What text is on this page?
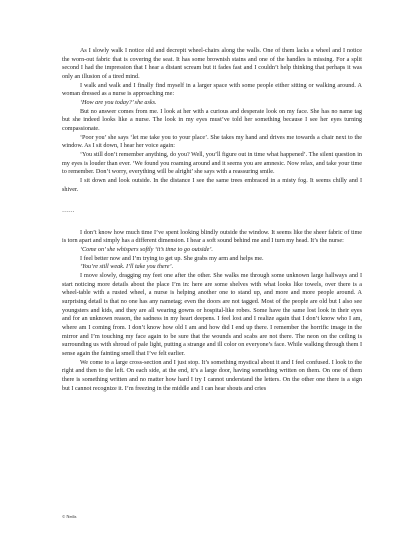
As I slowly walk I notice old and decrepit wheel-chairs along the walls. One of them lacks a wheel and I notice the worn-out fabric that is covering the seat. It has some brownish stains and one of the handles is missing. For a split second I had the impression that I hear a distant scream but it fades fast and I couldn’t help thinking that perhaps it was only an illusion of a tired mind.

I walk and walk and I finally find myself in a larger space with some people either sitting or walking around. A woman dressed as a nurse is approaching me:

‘How are you today?’ she asks.

But no answer comes from me. I look at her with a curious and desperate look on my face. She has no name tag but she indeed looks like a nurse. The look in my eyes must’ve told her something because I see her eyes turning compassionate.

‘Poor you’ she says ‘let me take you to your place’. She takes my hand and drives me towards a chair next to the window. As I sit down, I hear her voice again:

‘You still don’t remember anything, do you? Well, you’ll figure out in time what happened’. The silent question in my eyes is louder than ever. ‘We found you roaming around and it seems you are amnesic. Now relax, and take your time to remember. Don’t worry, everything will be alright’ she says with a reassuring smile.

I sit down and look outside. In the distance I see the same trees embraced in a misty fog. It seems chilly and I shiver.

……

I don’t know how much time I’ve spent looking blindly outside the window. It seems like the sheer fabric of time is torn apart and simply has a different dimension. I hear a soft sound behind me and I turn my head. It’s the nurse:

‘Come on’ she whispers softly ‘it’s time to go outside’.

I feel better now and I’m trying to get up. She grabs my arm and helps me.

‘You’re still weak. I’ll take you there’.

I move slowly, dragging my feet one after the other. She walks me through some unknown large hallways and I start noticing more details about the place I’m in: here are some shelves with what looks like towels, over there is a wheel-table with a rusted wheel, a nurse is helping another one to stand up, and more and more people around. A surprising detail is that no one has any nametag; even the doors are not tagged. Most of the people are old but I also see youngsters and kids, and they are all wearing gowns or hospital-like robes. Some have the same lost look in their eyes and for an unknown reason, the sadness in my heart deepens. I feel lost and I realize again that I don’t know who I am, where am I coming from. I don’t know how old I am and how did I end up there. I remember the horrific image in the mirror and I’m touching my face again to be sure that the wounds and scabs are not there. The neon on the ceiling is surrounding us with shroud of pale light, putting a strange and ill color on everyone’s face. While walking through them I sense again the fainting smell that I’ve felt earlier.

We come to a large cross-section and I just stop. It’s something mystical about it and I feel confused. I look to the right and then to the left. On each side, at the end, it’s a large door, having something written on them. On one of them there is something written and no matter how hard I try I cannot understand the letters. On the other one there is a sign but I cannot recognize it. I’m freezing in the middle and I can hear shouts and cries

© Nedis
